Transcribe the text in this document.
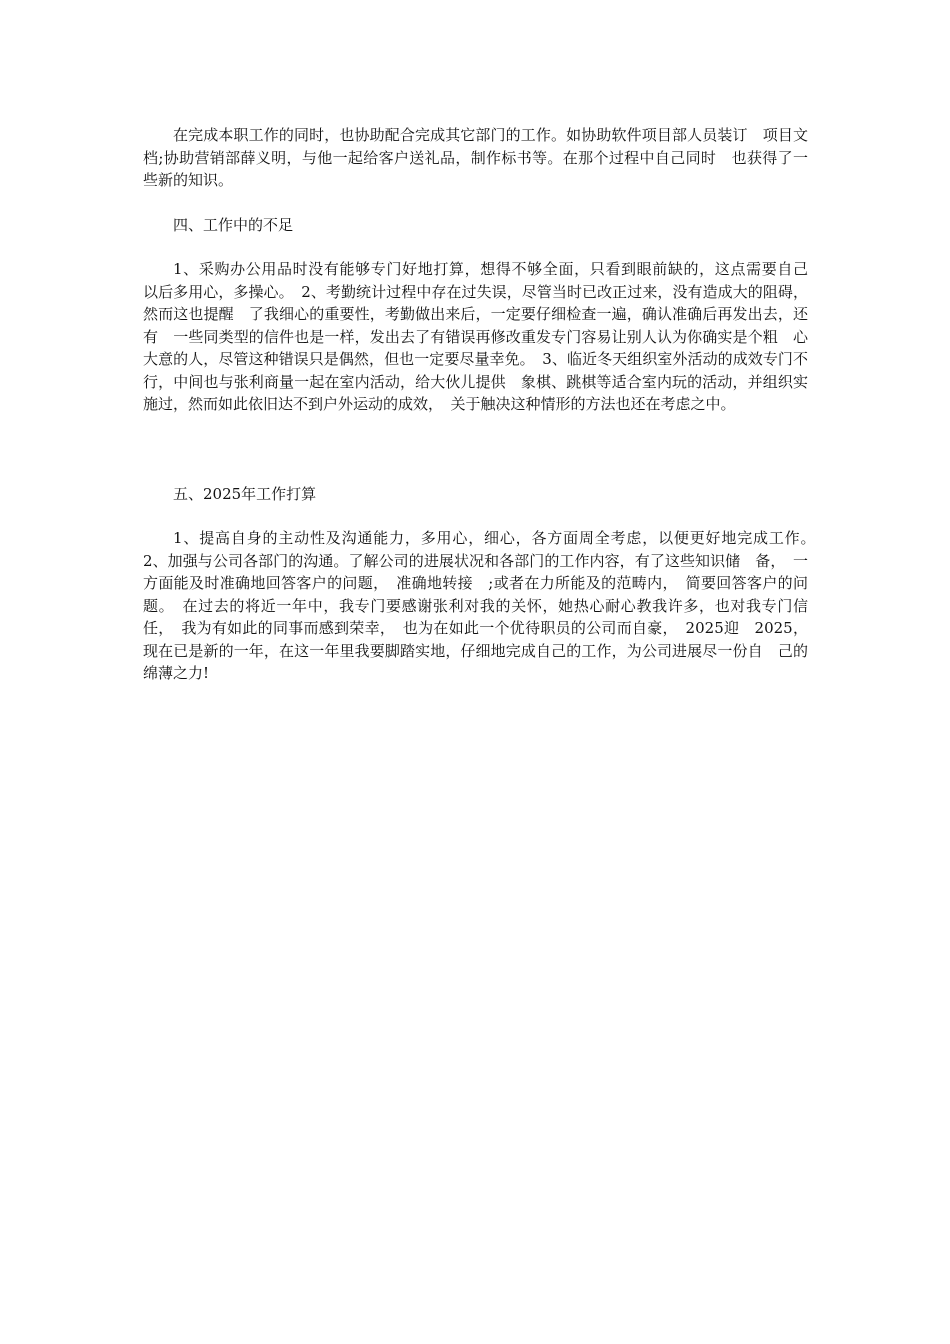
在完成本职工作的同时，也协助配合完成其它部门的工作。如协助软件项目部人员装订　项目文档;协助营销部薛义明，与他一起给客户送礼品，制作标书等。在那个过程中自己同时　也获得了一些新的知识。

四、工作中的不足

1、采购办公用品时没有能够专门好地打算，想得不够全面，只看到眼前缺的，这点需要自己　以后多用心，多操心。　2、考勤统计过程中存在过失误，尽管当时已改正过来，没有造成大的阻碍，然而这也提醒　了我细心的重要性，考勤做出来后，一定要仔细检查一遍，确认准确后再发出去，还有　一些同类型的信件也是一样，发出去了有错误再修改重发专门容易让别人认为你确实是个粗　心大意的人，尽管这种错误只是偶然，但也一定要尽量幸免。　3、临近冬天组织室外活动的成效专门不行，中间也与张利商量一起在室内活动，给大伙儿提供　象棋、跳棋等适合室内玩的活动，并组织实施过，然而如此依旧达不到户外运动的成效，　关于触决这种情形的方法也还在考虑之中。

五、2025年工作打算

1、提高自身的主动性及沟通能力，多用心，细心，各方面周全考虑，以便更好地完成工作。　2、加强与公司各部门的沟通。了解公司的进展状况和各部门的工作内容，有了这些知识储　备，　一方面能及时准确地回答客户的问题，　准确地转接　;或者在力所能及的范畴内，　简要回答客户的问题。　在过去的将近一年中，我专门要感谢张利对我的关怀，她热心耐心教我许多，也对我专门信　任，　我为有如此的同事而感到荣幸，　也为在如此一个优待职员的公司而自豪，　2025迎　2025，现在已是新的一年，在这一年里我要脚踏实地，仔细地完成自己的工作，为公司进展尽一份自　己的绵薄之力!
